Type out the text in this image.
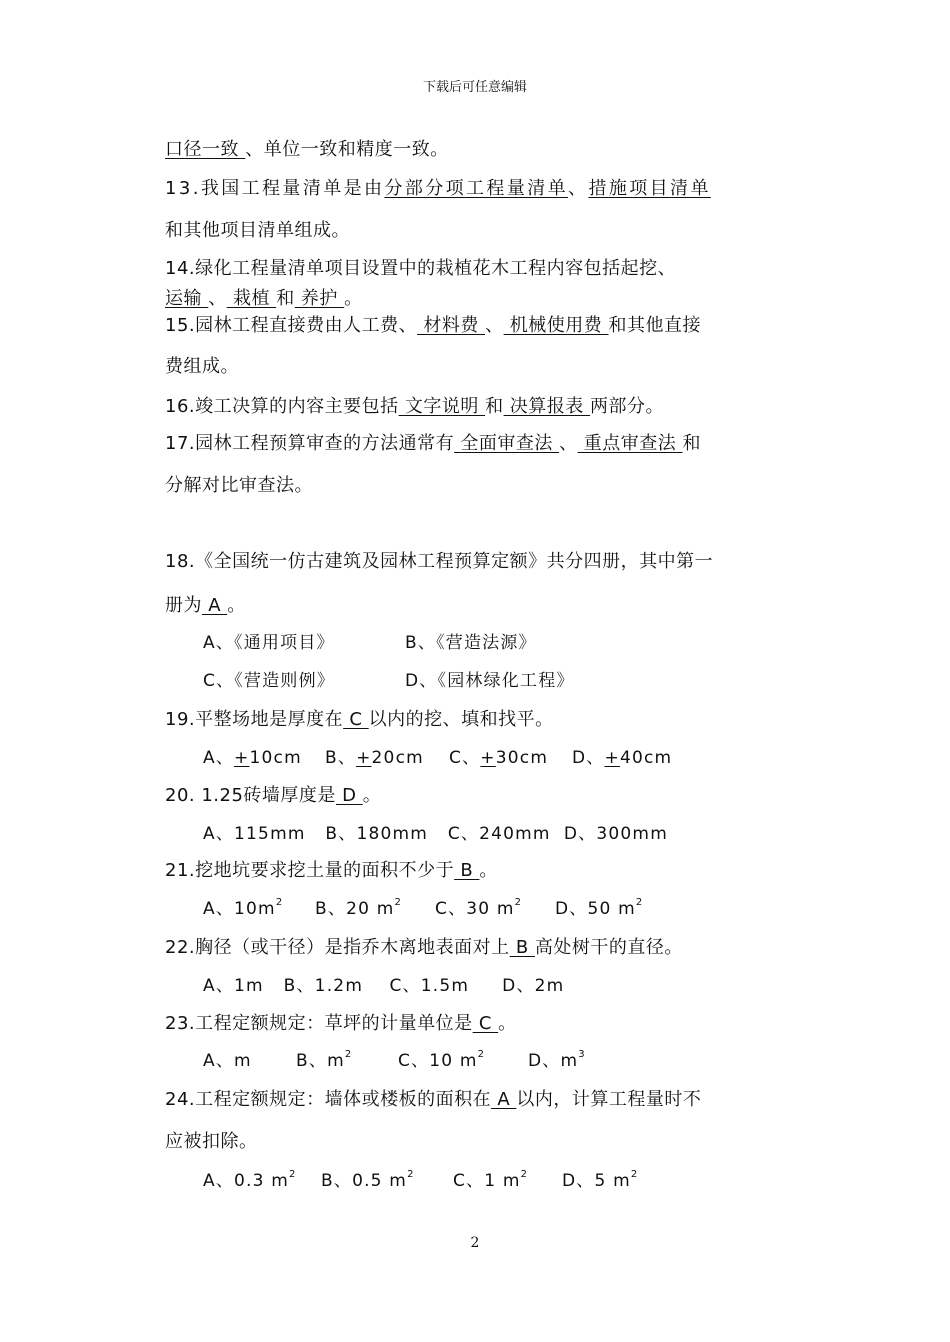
下载后可任意编辑
口径一致 、单位一致和精度一致。
13.我国工程量清单是由分部分项工程量清单、措施项目清单
和其他项目清单组成。
14.绿化工程量清单项目设置中的栽植花木工程内容包括起挖、
运输 、 栽植 和 养护 。
15.园林工程直接费由人工费、 材料费 、 机械使用费 和其他直接
费组成。
16.竣工决算的内容主要包括 文字说明 和 决算报表 两部分。
17.园林工程预算审查的方法通常有 全面审查法 、 重点审查法 和
分解对比审查法。
18.《全国统一仿古建筑及园林工程预算定额》共分四册，其中第一
册为 A 。
A、《通用项目》	B、《营造法源》
C、《营造则例》	D、《园林绿化工程》
19.平整场地是厚度在 C 以内的挖、填和找平。
A、+10cm B、+20cm C、+30cm D、+40cm
20. 1.25砖墙厚度是 D 。
A、115mm   B、180mm   C、240mm  D、300mm
21.挖地坑要求挖土量的面积不少于 B 。
A、$10m^2$ B、20 $m^2$ C、30 $m^2$ D、50 $m^2$
22.胸径（或干径）是指乔木离地表面对上 B 高处树干的直径。
A、1m   B、1.2m    C、1.5m     D、2m
23.工程定额规定：草坪的计量单位是 C 。
A、m	B、$m^2$	C、10 $m^2$	D、$m^3$
24.工程定额规定：墙体或楼板的面积在 A 以内，计算工程量时不
应被扣除。
A、0.3 $m^2$ B、0.5 $m^2$ C、1 $m^2$ D、5 $m^2$
2
